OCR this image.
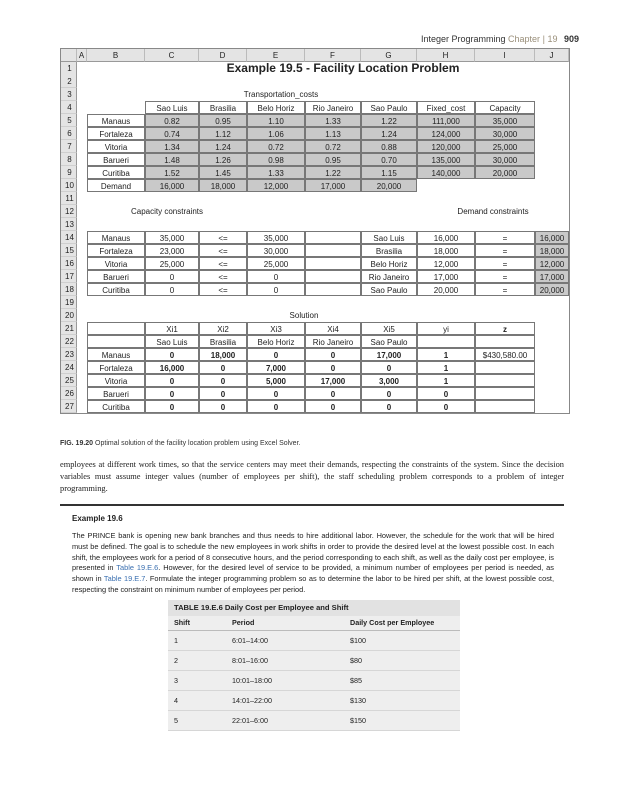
Integer Programming Chapter | 19 909
A	B	C	D	E	F	G	H	I	J
1	Example 19.5 - Facility Location Problem
2
3	Transportation_costs
4	Sao Luis	Brasilia	Belo Horiz	Rio Janeiro	Sao Paulo	Fixed_cost	Capacity
5	Manaus	0.82	0.95	1.10	1.33	1.22	111,000	35,000
6	Fortaleza	0.74	1.12	1.06	1.13	1.24	124,000	30,000
7	Vitoria	1.34	1.24	0.72	0.72	0.88	120,000	25,000
8	Barueri	1.48	1.26	0.98	0.95	0.70	135,000	30,000
9	Curitiba	1.52	1.45	1.33	1.22	1.15	140,000	20,000
10	Demand	16,000	18,000	12,000	17,000	20,000
11
12	Capacity constraints	Demand constraints
13
14	Manaus	35,000	<=	35,000	Sao Luis	16,000	=	16,000
15	Fortaleza	23,000	<=	30,000	Brasilia	18,000	=	18,000
16	Vitoria	25,000	<=	25,000	Belo Horiz	12,000	=	12,000
17	Barueri	0	<=	0	Rio Janeiro	17,000	=	17,000
18	Curitiba	0	<=	0	Sao Paulo	20,000	=	20,000
19
20	Solution
21	Xi1	Xi2	Xi3	Xi4	Xi5	yi	z
22	Sao Luis	Brasilia	Belo Horiz	Rio Janeiro	Sao Paulo
23	Manaus	0	18,000	0	0	17,000	1	$430,580.00
24	Fortaleza	16,000	0	7,000	0	0	1
25	Vitoria	0	0	5,000	17,000	3,000	1
26	Barueri	0	0	0	0	0	0
27	Curitiba	0	0	0	0	0	0
FIG. 19.20 Optimal solution of the facility location problem using Excel Solver.
employees at different work times, so that the service centers may meet their demands, respecting the constraints of the system. Since the decision variables must assume integer values (number of employees per shift), the staff scheduling problem corresponds to a problem of integer programming.
Example 19.6
The PRINCE bank is opening new bank branches and thus needs to hire additional labor. However, the schedule for the work that will be hired must be defined. The goal is to schedule the new employees in work shifts in order to provide the desired level at the lowest possible cost. In each shift, the employees work for a period of 8 consecutive hours, and the period corresponding to each shift, as well as the daily cost per employee, is presented in Table 19.E.6. However, for the desired level of service to be provided, a minimum number of employees per period is needed, as shown in Table 19.E.7. Formulate the integer programming problem so as to determine the labor to be hired per shift, at the lowest possible cost, respecting the constraint on minimum number of employees per period.
TABLE 19.E.6 Daily Cost per Employee and Shift
Shift	Period	Daily Cost per Employee
1	6:01–14:00	$100
2	8:01–16:00	$80
3	10:01–18:00	$85
4	14:01–22:00	$130
5	22:01–6:00	$150
